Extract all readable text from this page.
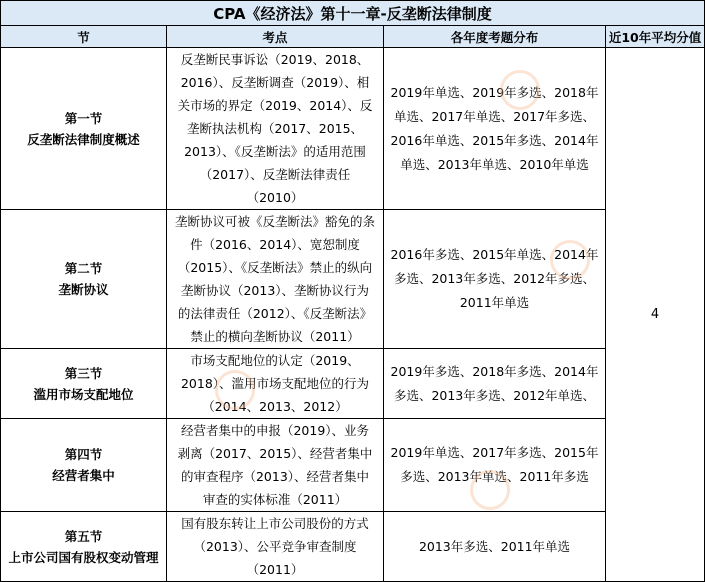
CPA《经济法》第十一章-反垄断法律制度			
节	考点	各年度考题分布	近10年平均分值

第一节
反垄断法律制度概述	反垄断民事诉讼（2019、2018、2016）、反垄断调查（2019）、相关市场的界定（2019、2014）、反垄断执法机构（2017、2015、2013）、《反垄断法》的适用范围（2017）、反垄断法律责任（2010）	2019年单选、2019年多选、2018年单选、2017年单选、2017年多选、2016年单选、2015年多选、2014年单选、2013年单选、2010年单选	4

第二节
垄断协议	垄断协议可被《反垄断法》豁免的条件（2016、2014）、宽恕制度（2015）、《反垄断法》禁止的纵向垄断协议（2013）、垄断协议行为的法律责任（2012）、《反垄断法》禁止的横向垄断协议（2011）	2016年多选、2015年单选、2014年多选、2013年多选、2012年多选、2011年单选	

第三节
滥用市场支配地位	市场支配地位的认定（2019、2018）、滥用市场支配地位的行为（2014、2013、2012）	2019年多选、2018年多选、2014年多选、2013年多选、2012年单选、	

第四节
经营者集中	经营者集中的申报（2019）、业务剥离（2017、2015）、经营者集中的审查程序（2013）、经营者集中审查的实体标准（2011）	2019年单选、2017年多选、2015年多选、2013年单选、2011年多选	

第五节
上市公司国有股权变动管理	国有股东转让上市公司股份的方式（2013）、公平竞争审查制度（2011）	2013年多选、2011年单选	
